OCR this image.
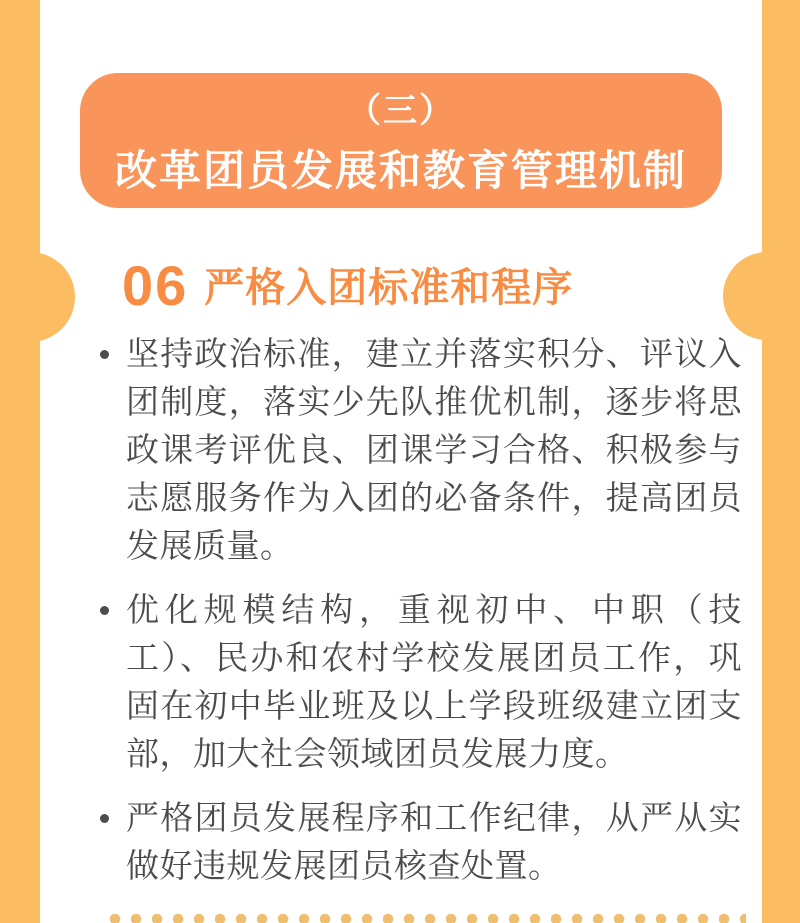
（三）
改革团员发展和教育管理机制
06 严格入团标准和程序
坚持政治标准，建立并落实积分、评议入团制度，落实少先队推优机制，逐步将思政课考评优良、团课学习合格、积极参与志愿服务作为入团的必备条件，提高团员发展质量。
优化规模结构，重视初中、中职（技工）、民办和农村学校发展团员工作，巩固在初中毕业班及以上学段班级建立团支部，加大社会领域团员发展力度。
严格团员发展程序和工作纪律，从严从实做好违规发展团员核查处置。
